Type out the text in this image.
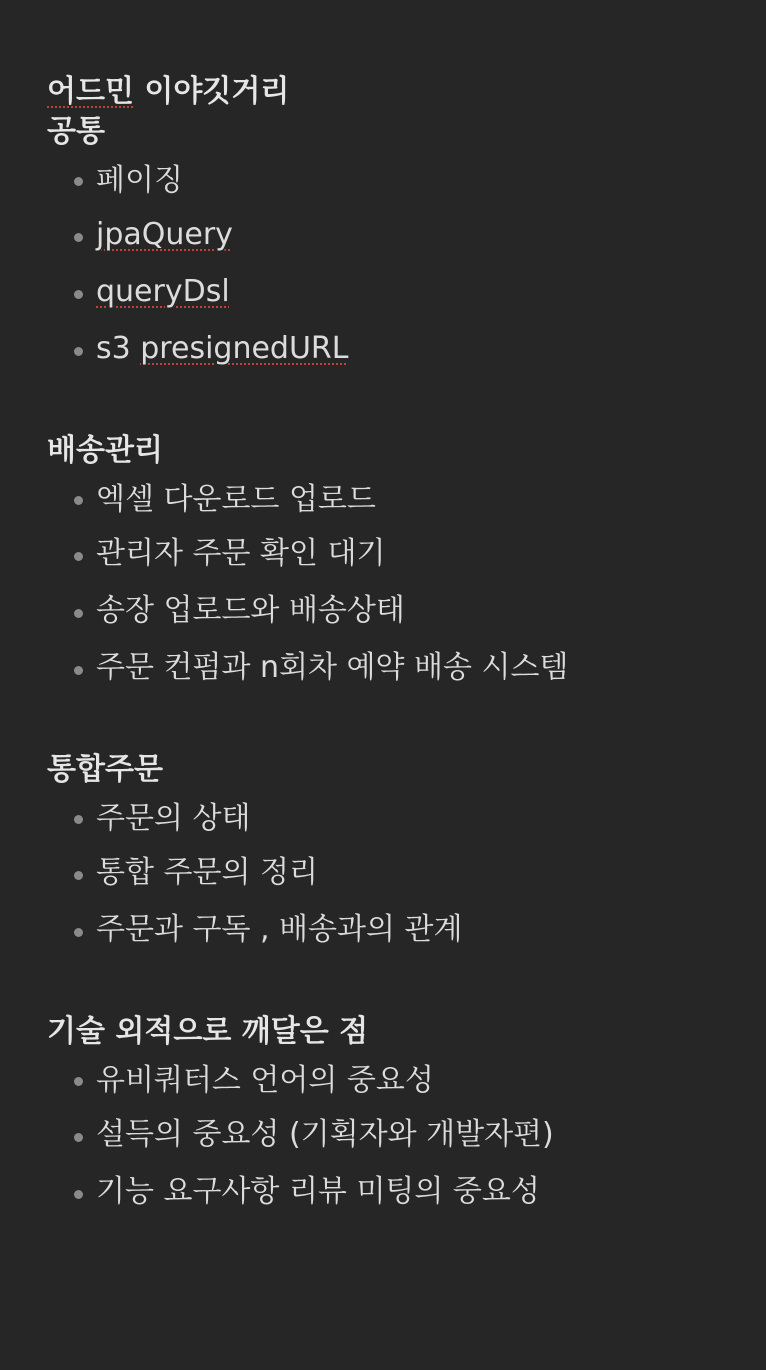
어드민 이야깃거리
공통
페이징
jpaQuery
queryDsl
s3 presignedURL
배송관리
엑셀 다운로드 업로드
관리자 주문 확인 대기
송장 업로드와 배송상태
주문 컨펌과 n회차 예약 배송 시스템
통합주문
주문의 상태
통합 주문의 정리
주문과 구독 , 배송과의 관계
기술 외적으로 깨달은 점
유비쿼터스 언어의 중요성
설득의 중요성 (기획자와 개발자편)
기능 요구사항 리뷰 미팅의 중요성
